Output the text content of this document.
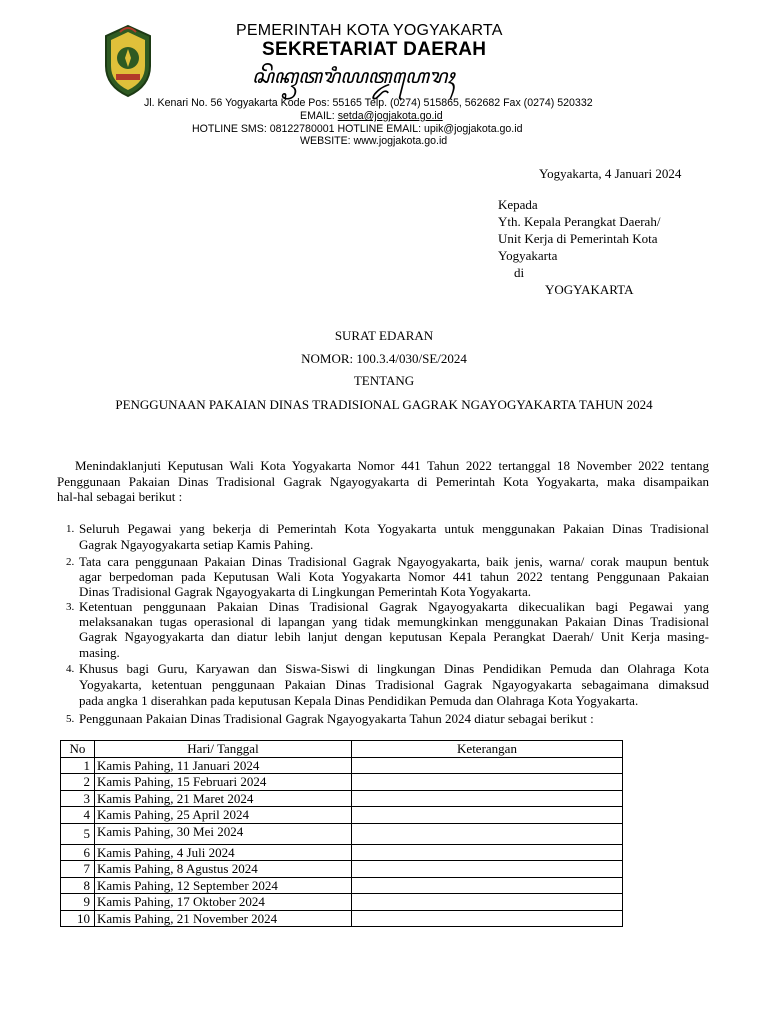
PEMERINTAH KOTA YOGYAKARTA
SEKRETARIAT DAERAH
ꦱꦼꦏꦽꦠꦫꦶꦪꦠ꧀ꦢꦲꦺꦫꦃ
Jl. Kenari No. 56 Yogyakarta Kode Pos: 55165 Telp. (0274) 515865, 562682 Fax (0274) 520332
EMAIL: setda@jogjakota.go.id
HOTLINE SMS: 08122780001 HOTLINE EMAIL: upik@jogjakota.go.id
WEBSITE: www.jogjakota.go.id
Yogyakarta, 4 Januari 2024
Kepada
Yth. Kepala Perangkat Daerah/
Unit Kerja di Pemerintah Kota
Yogyakarta
di
YOGYAKARTA
SURAT EDARAN
NOMOR: 100.3.4/030/SE/2024
TENTANG
PENGGUNAAN PAKAIAN DINAS TRADISIONAL GAGRAK NGAYOGYAKARTA TAHUN 2024
Menindaklanjuti Keputusan Wali Kota Yogyakarta Nomor 441 Tahun 2022 tertanggal 18 November 2022 tentang
Penggunaan Pakaian Dinas Tradisional Gagrak Ngayogyakarta di Pemerintah Kota Yogyakarta, maka disampaikan
hal-hal sebagai berikut :
1. Seluruh Pegawai yang bekerja di Pemerintah Kota Yogyakarta untuk menggunakan Pakaian Dinas Tradisional
Gagrak Ngayogyakarta setiap Kamis Pahing.
2. Tata cara penggunaan Pakaian Dinas Tradisional Gagrak Ngayogyakarta, baik jenis, warna/ corak maupun bentuk
agar berpedoman pada Keputusan Wali Kota Yogyakarta Nomor 441 tahun 2022 tentang Penggunaan Pakaian
Dinas Tradisional Gagrak Ngayogyakarta di Lingkungan Pemerintah Kota Yogyakarta.
3. Ketentuan penggunaan Pakaian Dinas Tradisional Gagrak Ngayogyakarta dikecualikan bagi Pegawai yang
melaksanakan tugas operasional di lapangan yang tidak memungkinkan menggunakan Pakaian Dinas Tradisional
Gagrak Ngayogyakarta dan diatur lebih lanjut dengan keputusan Kepala Perangkat Daerah/ Unit Kerja masing-
masing.
4. Khusus bagi Guru, Karyawan dan Siswa-Siswi di lingkungan Dinas Pendidikan Pemuda dan Olahraga Kota
Yogyakarta, ketentuan penggunaan Pakaian Dinas Tradisional Gagrak Ngayogyakarta sebagaimana dimaksud
pada angka 1 diserahkan pada keputusan Kepala Dinas Pendidikan Pemuda dan Olahraga Kota Yogyakarta.
5. Penggunaan Pakaian Dinas Tradisional Gagrak Ngayogyakarta Tahun 2024 diatur sebagai berikut :
No	Hari/ Tanggal	Keterangan
1	Kamis Pahing, 11 Januari 2024	
2	Kamis Pahing, 15 Februari 2024	
3	Kamis Pahing, 21 Maret 2024	
4	Kamis Pahing, 25 April 2024	
5	Kamis Pahing, 30 Mei 2024	
6	Kamis Pahing, 4 Juli 2024	
7	Kamis Pahing, 8 Agustus 2024	
8	Kamis Pahing, 12 September 2024	
9	Kamis Pahing, 17 Oktober 2024	
10	Kamis Pahing, 21 November 2024	
